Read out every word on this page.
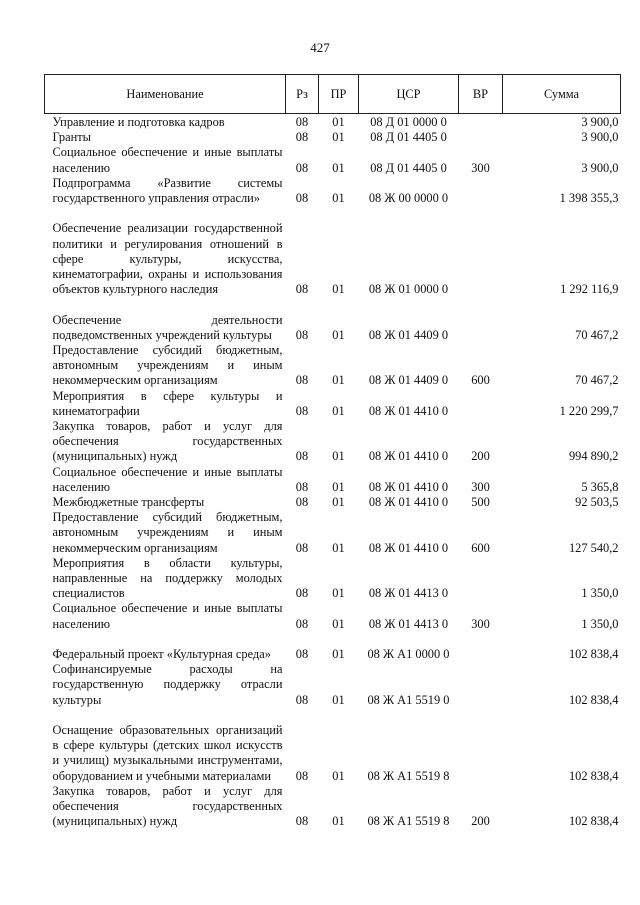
427
Наименование	Рз	ПР	ЦСР	ВР	Сумма
Управление и подготовка кадров	08	01	08 Д 01 0000 0		3 900,0
Гранты	08	01	08 Д 01 4405 0		3 900,0
Социальное обеспечение и иные выплаты населению	08	01	08 Д 01 4405 0	300	3 900,0
Подпрограмма «Развитие системы государственного управления отрасли»	08	01	08 Ж 00 0000 0		1 398 355,3
Обеспечение реализации государственной политики и регулирования отношений в сфере культуры, искусства, кинематографии, охраны и использования объектов культурного наследия	08	01	08 Ж 01 0000 0		1 292 116,9
Обеспечение деятельности подведомственных учреждений культуры	08	01	08 Ж 01 4409 0		70 467,2
Предоставление субсидий бюджетным, автономным учреждениям и иным некоммерческим организациям	08	01	08 Ж 01 4409 0	600	70 467,2
Мероприятия в сфере культуры и кинематографии	08	01	08 Ж 01 4410 0		1 220 299,7
Закупка товаров, работ и услуг для обеспечения государственных (муниципальных) нужд	08	01	08 Ж 01 4410 0	200	994 890,2
Социальное обеспечение и иные выплаты населению	08	01	08 Ж 01 4410 0	300	5 365,8
Межбюджетные трансферты	08	01	08 Ж 01 4410 0	500	92 503,5
Предоставление субсидий бюджетным, автономным учреждениям и иным некоммерческим организациям	08	01	08 Ж 01 4410 0	600	127 540,2
Мероприятия в области культуры, направленные на поддержку молодых специалистов	08	01	08 Ж 01 4413 0		1 350,0
Социальное обеспечение и иные выплаты населению	08	01	08 Ж 01 4413 0	300	1 350,0
Федеральный проект «Культурная среда»	08	01	08 Ж А1 0000 0		102 838,4
Софинансируемые расходы на государственную поддержку отрасли культуры	08	01	08 Ж А1 5519 0		102 838,4
Оснащение образовательных организаций в сфере культуры (детских школ искусств и училищ) музыкальными инструментами, оборудованием и учебными материалами	08	01	08 Ж А1 5519 8		102 838,4
Закупка товаров, работ и услуг для обеспечения государственных (муниципальных) нужд	08	01	08 Ж А1 5519 8	200	102 838,4
